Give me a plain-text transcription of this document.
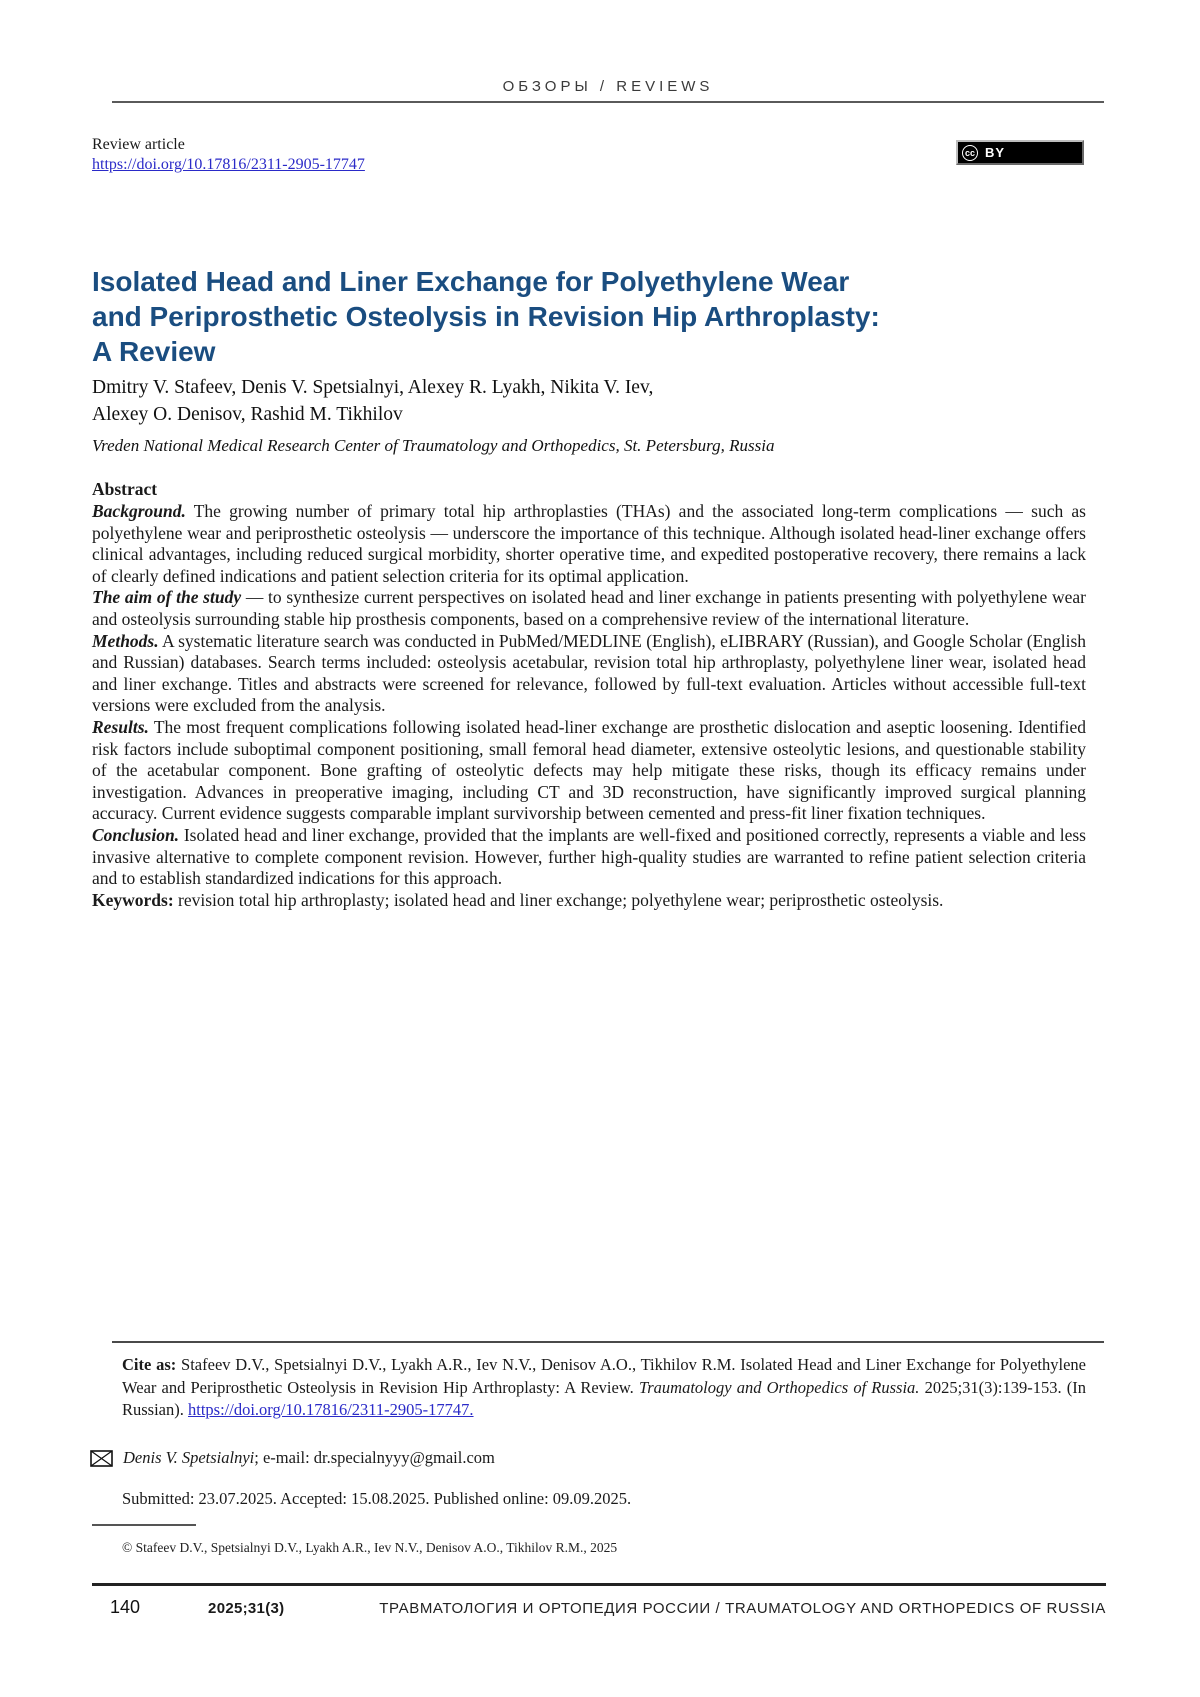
ОБЗОРЫ / REVIEWS
Review article
https://doi.org/10.17816/2311-2905-17747
cc BY
Isolated Head and Liner Exchange for Polyethylene Wear
and Periprosthetic Osteolysis in Revision Hip Arthroplasty:
A Review
Dmitry V. Stafeev, Denis V. Spetsialnyi, Alexey R. Lyakh, Nikita V. Iev,
Alexey O. Denisov, Rashid M. Tikhilov
Vreden National Medical Research Center of Traumatology and Orthopedics, St. Petersburg, Russia
Abstract

Background. The growing number of primary total hip arthroplasties (THAs) and the associated long-term complications — such as polyethylene wear and periprosthetic osteolysis — underscore the importance of this technique. Although isolated head-liner exchange offers clinical advantages, including reduced surgical morbidity, shorter operative time, and expedited postoperative recovery, there remains a lack of clearly defined indications and patient selection criteria for its optimal application.

The aim of the study — to synthesize current perspectives on isolated head and liner exchange in patients presenting with polyethylene wear and osteolysis surrounding stable hip prosthesis components, based on a comprehensive review of the international literature.

Methods. A systematic literature search was conducted in PubMed/MEDLINE (English), eLIBRARY (Russian), and Google Scholar (English and Russian) databases. Search terms included: osteolysis acetabular, revision total hip arthroplasty, polyethylene liner wear, isolated head and liner exchange. Titles and abstracts were screened for relevance, followed by full-text evaluation. Articles without accessible full-text versions were excluded from the analysis.

Results. The most frequent complications following isolated head-liner exchange are prosthetic dislocation and aseptic loosening. Identified risk factors include suboptimal component positioning, small femoral head diameter, extensive osteolytic lesions, and questionable stability of the acetabular component. Bone grafting of osteolytic defects may help mitigate these risks, though its efficacy remains under investigation. Advances in preoperative imaging, including CT and 3D reconstruction, have significantly improved surgical planning accuracy. Current evidence suggests comparable implant survivorship between cemented and press-fit liner fixation techniques.

Conclusion. Isolated head and liner exchange, provided that the implants are well-fixed and positioned correctly, represents a viable and less invasive alternative to complete component revision. However, further high-quality studies are warranted to refine patient selection criteria and to establish standardized indications for this approach.

Keywords: revision total hip arthroplasty; isolated head and liner exchange; polyethylene wear; periprosthetic osteolysis.

Cite as: Stafeev D.V., Spetsialnyi D.V., Lyakh A.R., Iev N.V., Denisov A.O., Tikhilov R.M. Isolated Head and Liner Exchange for Polyethylene Wear and Periprosthetic Osteolysis in Revision Hip Arthroplasty: A Review. Traumatology and Orthopedics of Russia. 2025;31(3):139-153. (In Russian). https://doi.org/10.17816/2311-2905-17747.
Denis V. Spetsialnyi; e-mail: dr.specialnyyy@gmail.com
Submitted: 23.07.2025. Accepted: 15.08.2025. Published online: 09.09.2025.
© Stafeev D.V., Spetsialnyi D.V., Lyakh A.R., Iev N.V., Denisov A.O., Tikhilov R.M., 2025
140	2025;31(3)	ТРАВМАТОЛОГИЯ И ОРТОПЕДИЯ РОССИИ / TRAUMATOLOGY AND ORTHOPEDICS OF RUSSIA
